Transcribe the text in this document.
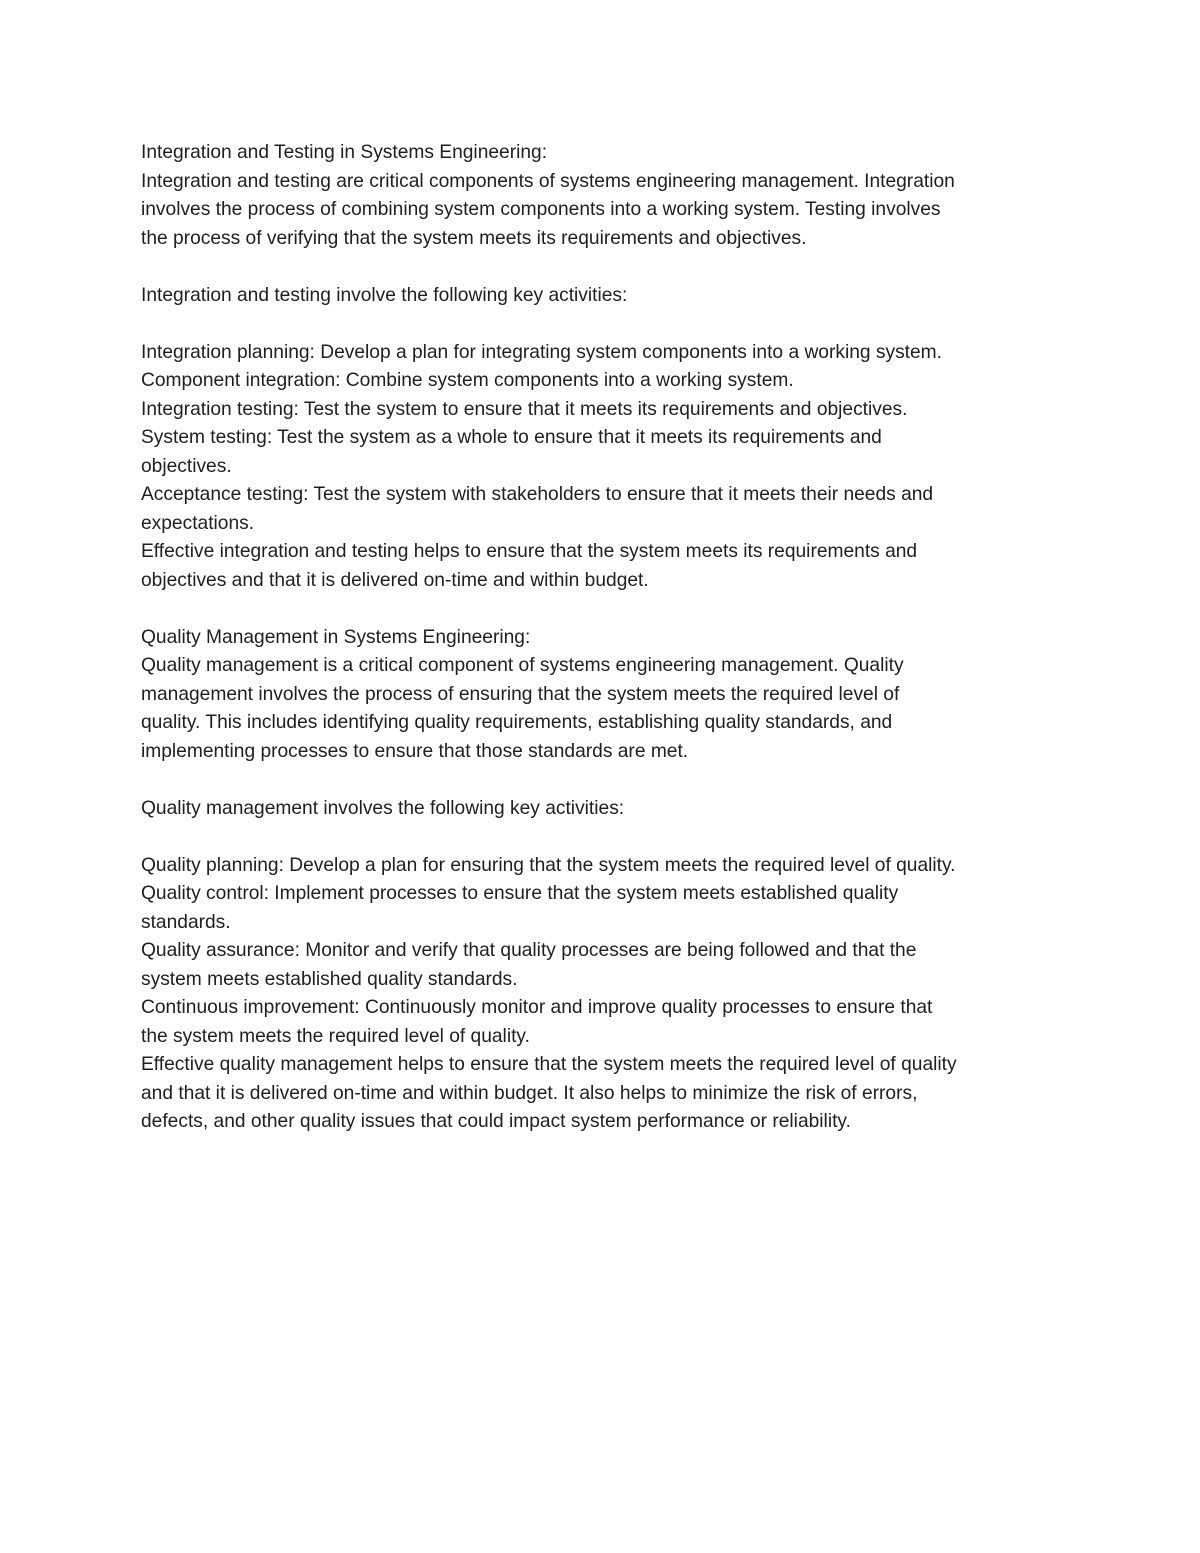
Integration and Testing in Systems Engineering:
Integration and testing are critical components of systems engineering management. Integration
involves the process of combining system components into a working system. Testing involves
the process of verifying that the system meets its requirements and objectives.
Integration and testing involve the following key activities:
Integration planning: Develop a plan for integrating system components into a working system.
Component integration: Combine system components into a working system.
Integration testing: Test the system to ensure that it meets its requirements and objectives.
System testing: Test the system as a whole to ensure that it meets its requirements and
objectives.
Acceptance testing: Test the system with stakeholders to ensure that it meets their needs and
expectations.
Effective integration and testing helps to ensure that the system meets its requirements and
objectives and that it is delivered on-time and within budget.
Quality Management in Systems Engineering:
Quality management is a critical component of systems engineering management. Quality
management involves the process of ensuring that the system meets the required level of
quality. This includes identifying quality requirements, establishing quality standards, and
implementing processes to ensure that those standards are met.
Quality management involves the following key activities:
Quality planning: Develop a plan for ensuring that the system meets the required level of quality.
Quality control: Implement processes to ensure that the system meets established quality
standards.
Quality assurance: Monitor and verify that quality processes are being followed and that the
system meets established quality standards.
Continuous improvement: Continuously monitor and improve quality processes to ensure that
the system meets the required level of quality.
Effective quality management helps to ensure that the system meets the required level of quality
and that it is delivered on-time and within budget. It also helps to minimize the risk of errors,
defects, and other quality issues that could impact system performance or reliability.
